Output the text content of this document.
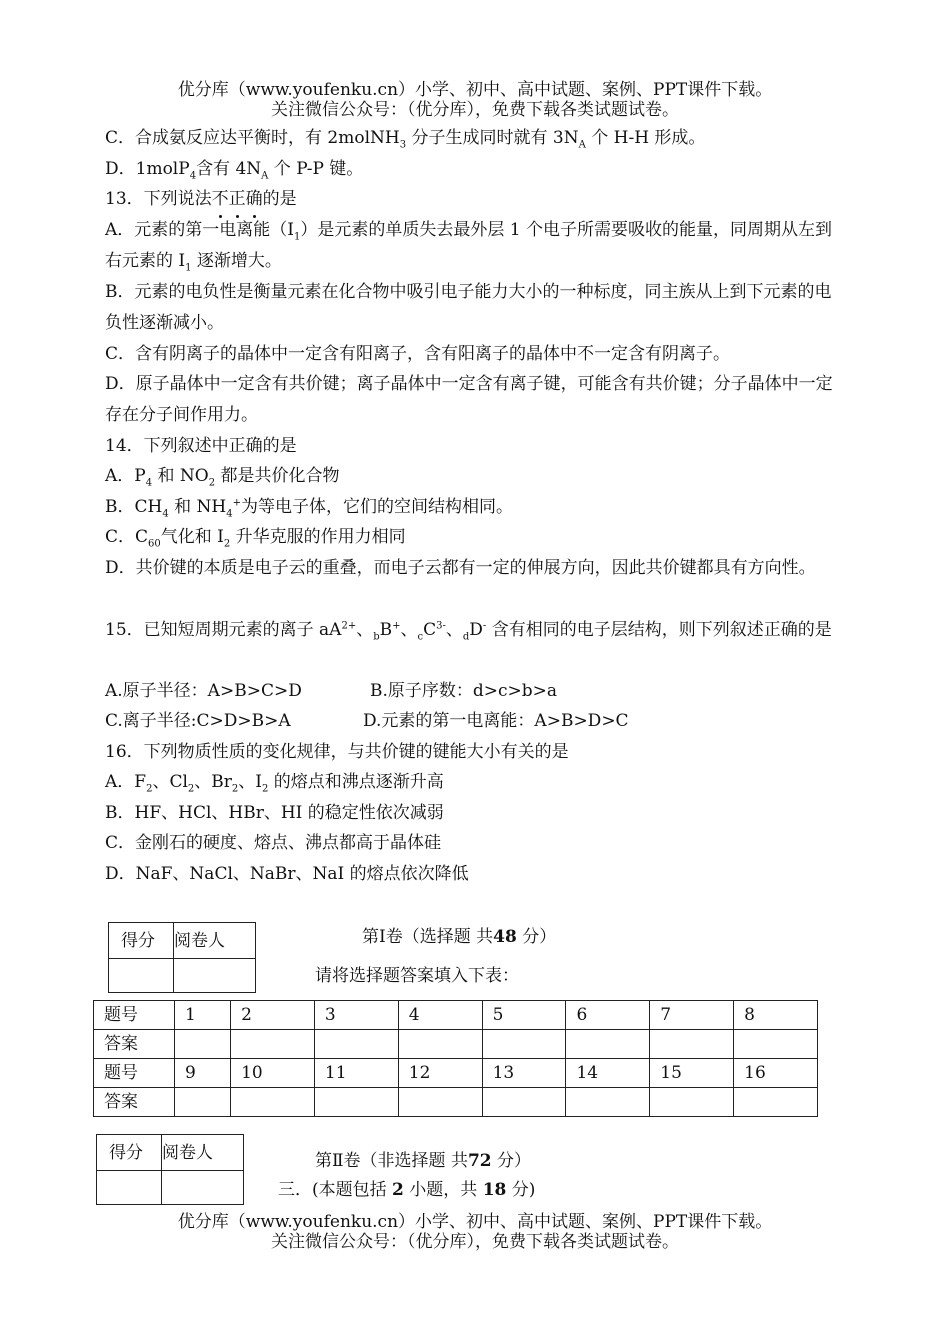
优分库（www.youfenku.cn）小学、初中、高中试题、案例、PPT课件下载。
关注微信公众号：（优分库），免费下载各类试题试卷。
C．合成氨反应达平衡时，有 2molNH$_3$ 分子生成同时就有 $3N_A$ 个 H-H 形成。
D．1molP$_4$含有 $4N_A$ 个 P-P 键。
13．下列说法不正确的是
A．元素的第一电离能$(I_1)$是元素的单质失去最外层 1 个电子所需要吸收的能量，同周期从左到右元素的 $I_1$ 逐渐增大。
B．元素的电负性是衡量元素在化合物中吸引电子能力大小的一种标度，同主族从上到下元素的电负性逐渐减小。
C．含有阴离子的晶体中一定含有阳离子，含有阳离子的晶体中不一定含有阴离子。
D．原子晶体中一定含有共价键；离子晶体中一定含有离子键，可能含有共价键；分子晶体中一定存在分子间作用力。
14．下列叙述中正确的是
A．$P_4$ 和 $NO_2$ 都是共价化合物
B．$CH_4$ 和 $NH_4^+$为等电子体，它们的空间结构相同。
C．$C_{60}$气化和 $I_2$ 升华克服的作用力相同
D．共价键的本质是电子云的重叠，而电子云都有一定的伸展方向，因此共价键都具有方向性。
15．已知短周期元素的离子 $aA^{2+}$、$_b$B+、$_cC^{3-}$、$_d$D- 含有相同的电子层结构，则下列叙述正确的是
A.原子半径：A>B>C>D	B.原子序数：d>c>b>a
C.离子半径:C>D>B>A	D.元素的第一电离能：A>B>D>C
16．下列物质性质的变化规律，与共价键的键能大小有关的是
A．$F_2$、$Cl_2$、$Br_2$、$I_2$ 的熔点和沸点逐渐升高
B．HF、HCl、HBr、HI 的稳定性依次减弱
C．金刚石的硬度、熔点、沸点都高于晶体硅
D．NaF、NaCl、NaBr、NaI 的熔点依次降低
得分	阅卷人
		第Ⅰ卷（选择题 共48 分）
请将选择题答案填入下表：
题号	1	2	3	4	5	6	7	8
答案								
题号	9	10	11	12	13	14	15	16
答案								
得分	阅卷人
		第Ⅱ卷（非选择题 共72 分）
三．(本题包括 2 小题，共 18 分)
优分库（www.youfenku.cn）小学、初中、高中试题、案例、PPT课件下载。
关注微信公众号：（优分库），免费下载各类试题试卷。
